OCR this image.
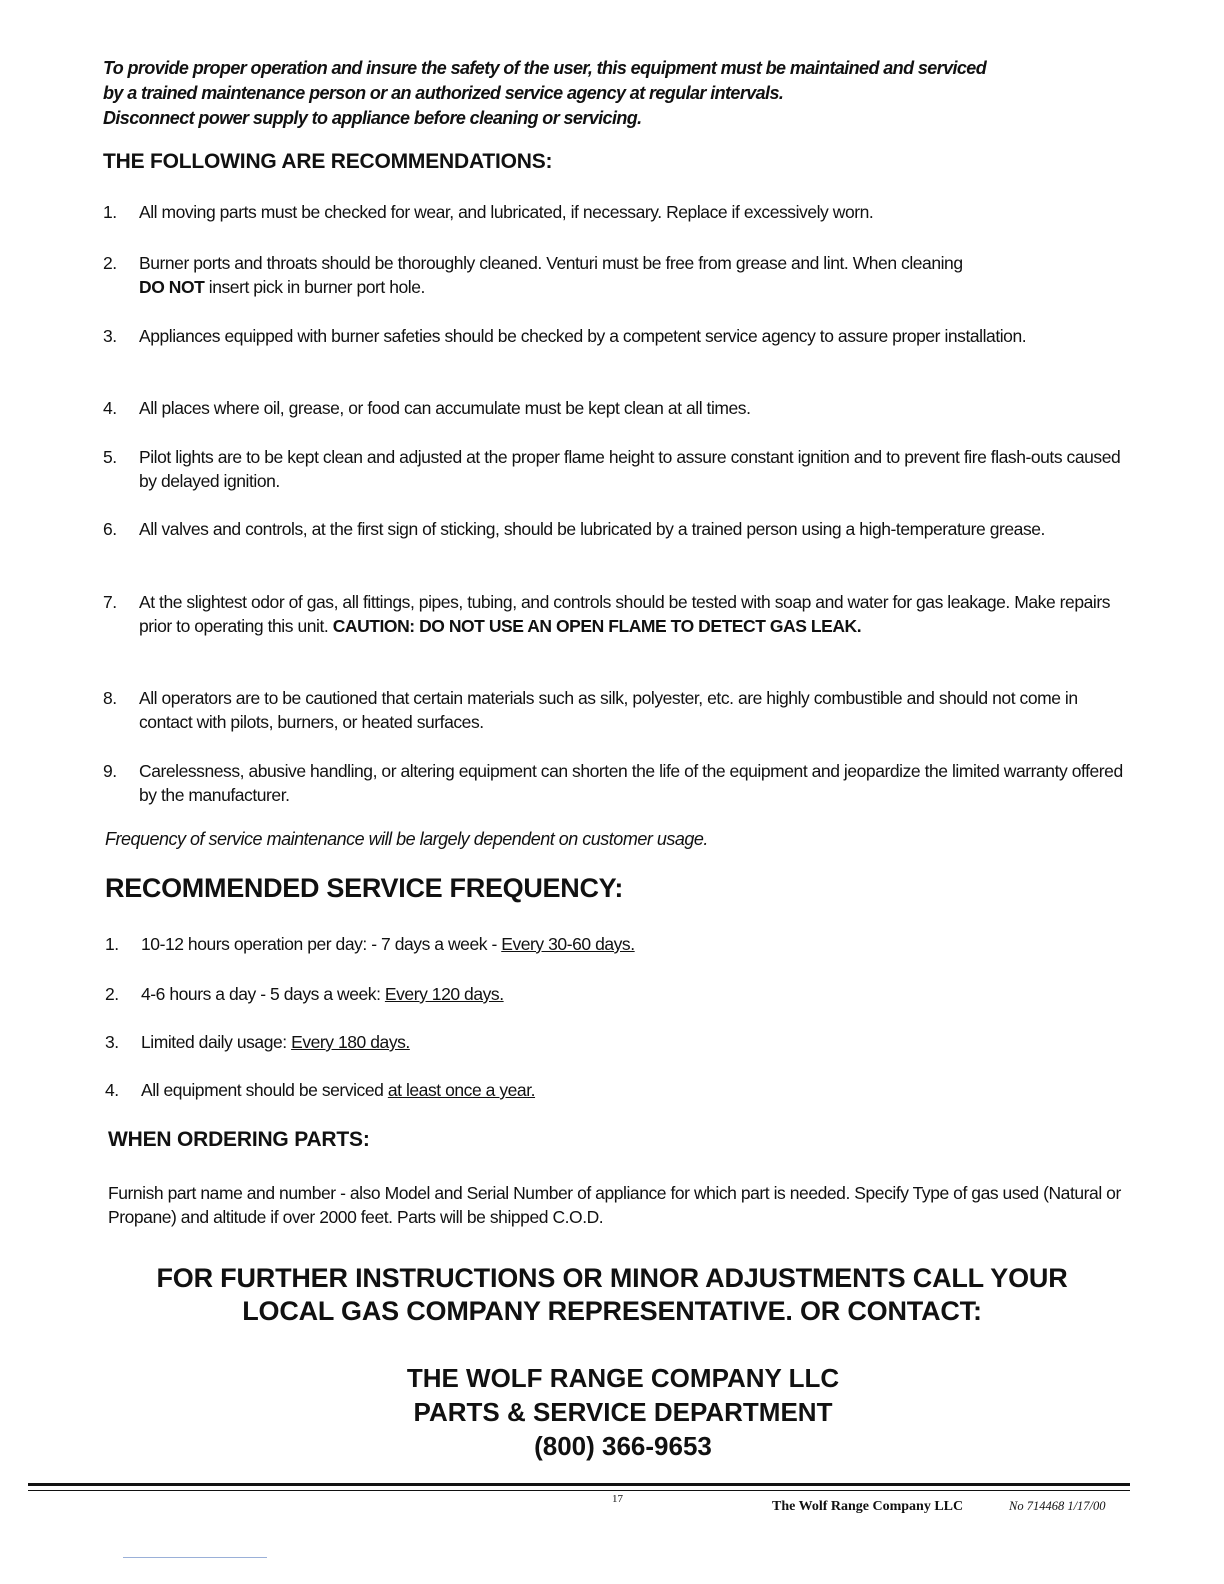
To provide proper operation and insure the safety of the user, this equipment must be maintained and serviced
by a trained maintenance person or an authorized service agency at regular intervals.
Disconnect power supply to appliance before cleaning or servicing.
THE FOLLOWING ARE RECOMMENDATIONS:
1.	All moving parts must be checked for wear, and lubricated, if necessary. Replace if excessively worn.
2.	Burner ports and throats should be thoroughly cleaned. Venturi must be free from grease and lint. When cleaning
DO NOT insert pick in burner port hole.
3.	Appliances equipped with burner safeties should be checked by a competent service agency to assure proper installation.
4.	All places where oil, grease, or food can accumulate must be kept clean at all times.
5.	Pilot lights are to be kept clean and adjusted at the proper flame height to assure constant ignition and to prevent fire flash-outs caused by delayed ignition.
6.	All valves and controls, at the first sign of sticking, should be lubricated by a trained person using a high-temperature grease.
7.	At the slightest odor of gas, all fittings, pipes, tubing, and controls should be tested with soap and water for gas leakage. Make repairs prior to operating this unit. CAUTION: DO NOT USE AN OPEN FLAME TO DETECT GAS LEAK.
8.	All operators are to be cautioned that certain materials such as silk, polyester, etc. are highly combustible and should not come in contact with pilots, burners, or heated surfaces.
9.	Carelessness, abusive handling, or altering equipment can shorten the life of the equipment and jeopardize the limited warranty offered by the manufacturer.
Frequency of service maintenance will be largely dependent on customer usage.
RECOMMENDED SERVICE FREQUENCY:
1. 10-12 hours operation per day: - 7 days a week - Every 30-60 days.
2. 4-6 hours a day - 5 days a week: Every 120 days.
3. Limited daily usage: Every 180 days.
4. All equipment should be serviced at least once a year.
WHEN ORDERING PARTS:
Furnish part name and number - also Model and Serial Number of appliance for which part is needed. Specify Type of gas used (Natural or Propane) and altitude if over 2000 feet. Parts will be shipped C.O.D.
FOR FURTHER INSTRUCTIONS OR MINOR ADJUSTMENTS CALL YOUR
LOCAL GAS COMPANY REPRESENTATIVE. OR CONTACT:
THE WOLF RANGE COMPANY LLC
PARTS & SERVICE DEPARTMENT
(800) 366-9653
17	The Wolf Range Company LLC	No 714468 1/17/00
